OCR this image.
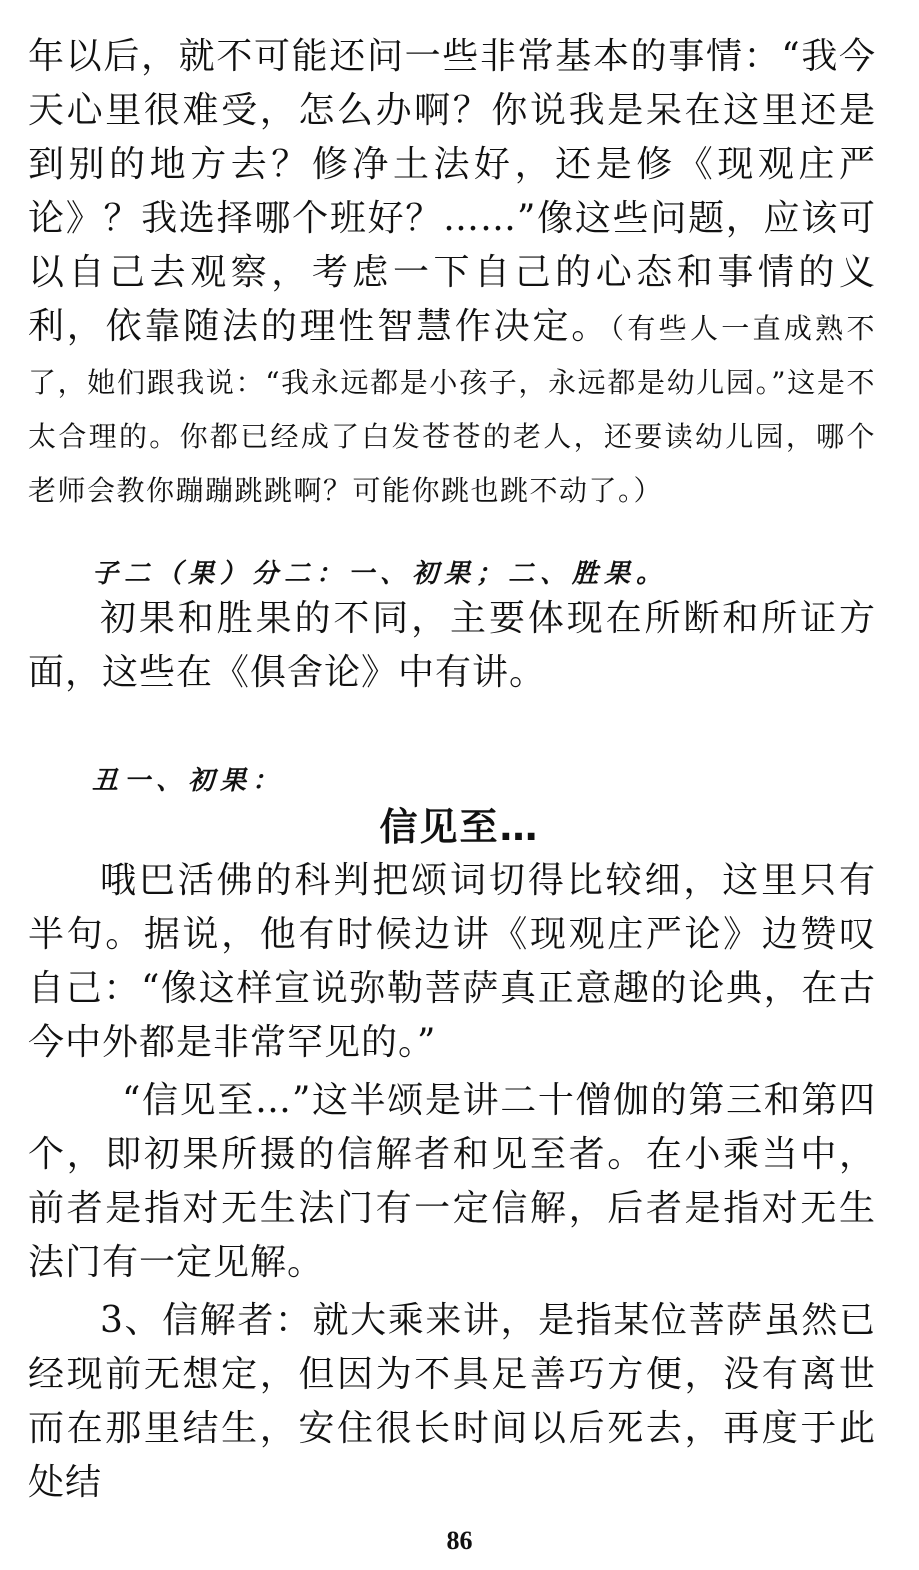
年以后，就不可能还问一些非常基本的事情：“我今天心里很难受，怎么办啊？你说我是呆在这里还是到别的地方去？修净土法好，还是修《现观庄严论》？我选择哪个班好？……”像这些问题，应该可以自己去观察，考虑一下自己的心态和事情的义利，依靠随法的理性智慧作决定。（有些人一直成熟不了，她们跟我说：“我永远都是小孩子，永远都是幼儿园。”这是不太合理的。你都已经成了白发苍苍的老人，还要读幼儿园，哪个老师会教你蹦蹦跳跳啊？可能你跳也跳不动了。）

子二（果）分二：一、初果；二、胜果。

初果和胜果的不同，主要体现在所断和所证方面，这些在《俱舍论》中有讲。

丑一、初果：

信见至…

哦巴活佛的科判把颂词切得比较细，这里只有半句。据说，他有时候边讲《现观庄严论》边赞叹自己：“像这样宣说弥勒菩萨真正意趣的论典，在古今中外都是非常罕见的。”

“信见至…”这半颂是讲二十僧伽的第三和第四个，即初果所摄的信解者和见至者。在小乘当中，前者是指对无生法门有一定信解，后者是指对无生法门有一定见解。

3、信解者：就大乘来讲，是指某位菩萨虽然已经现前无想定，但因为不具足善巧方便，没有离世而在那里结生，安住很长时间以后死去，再度于此处结

86
